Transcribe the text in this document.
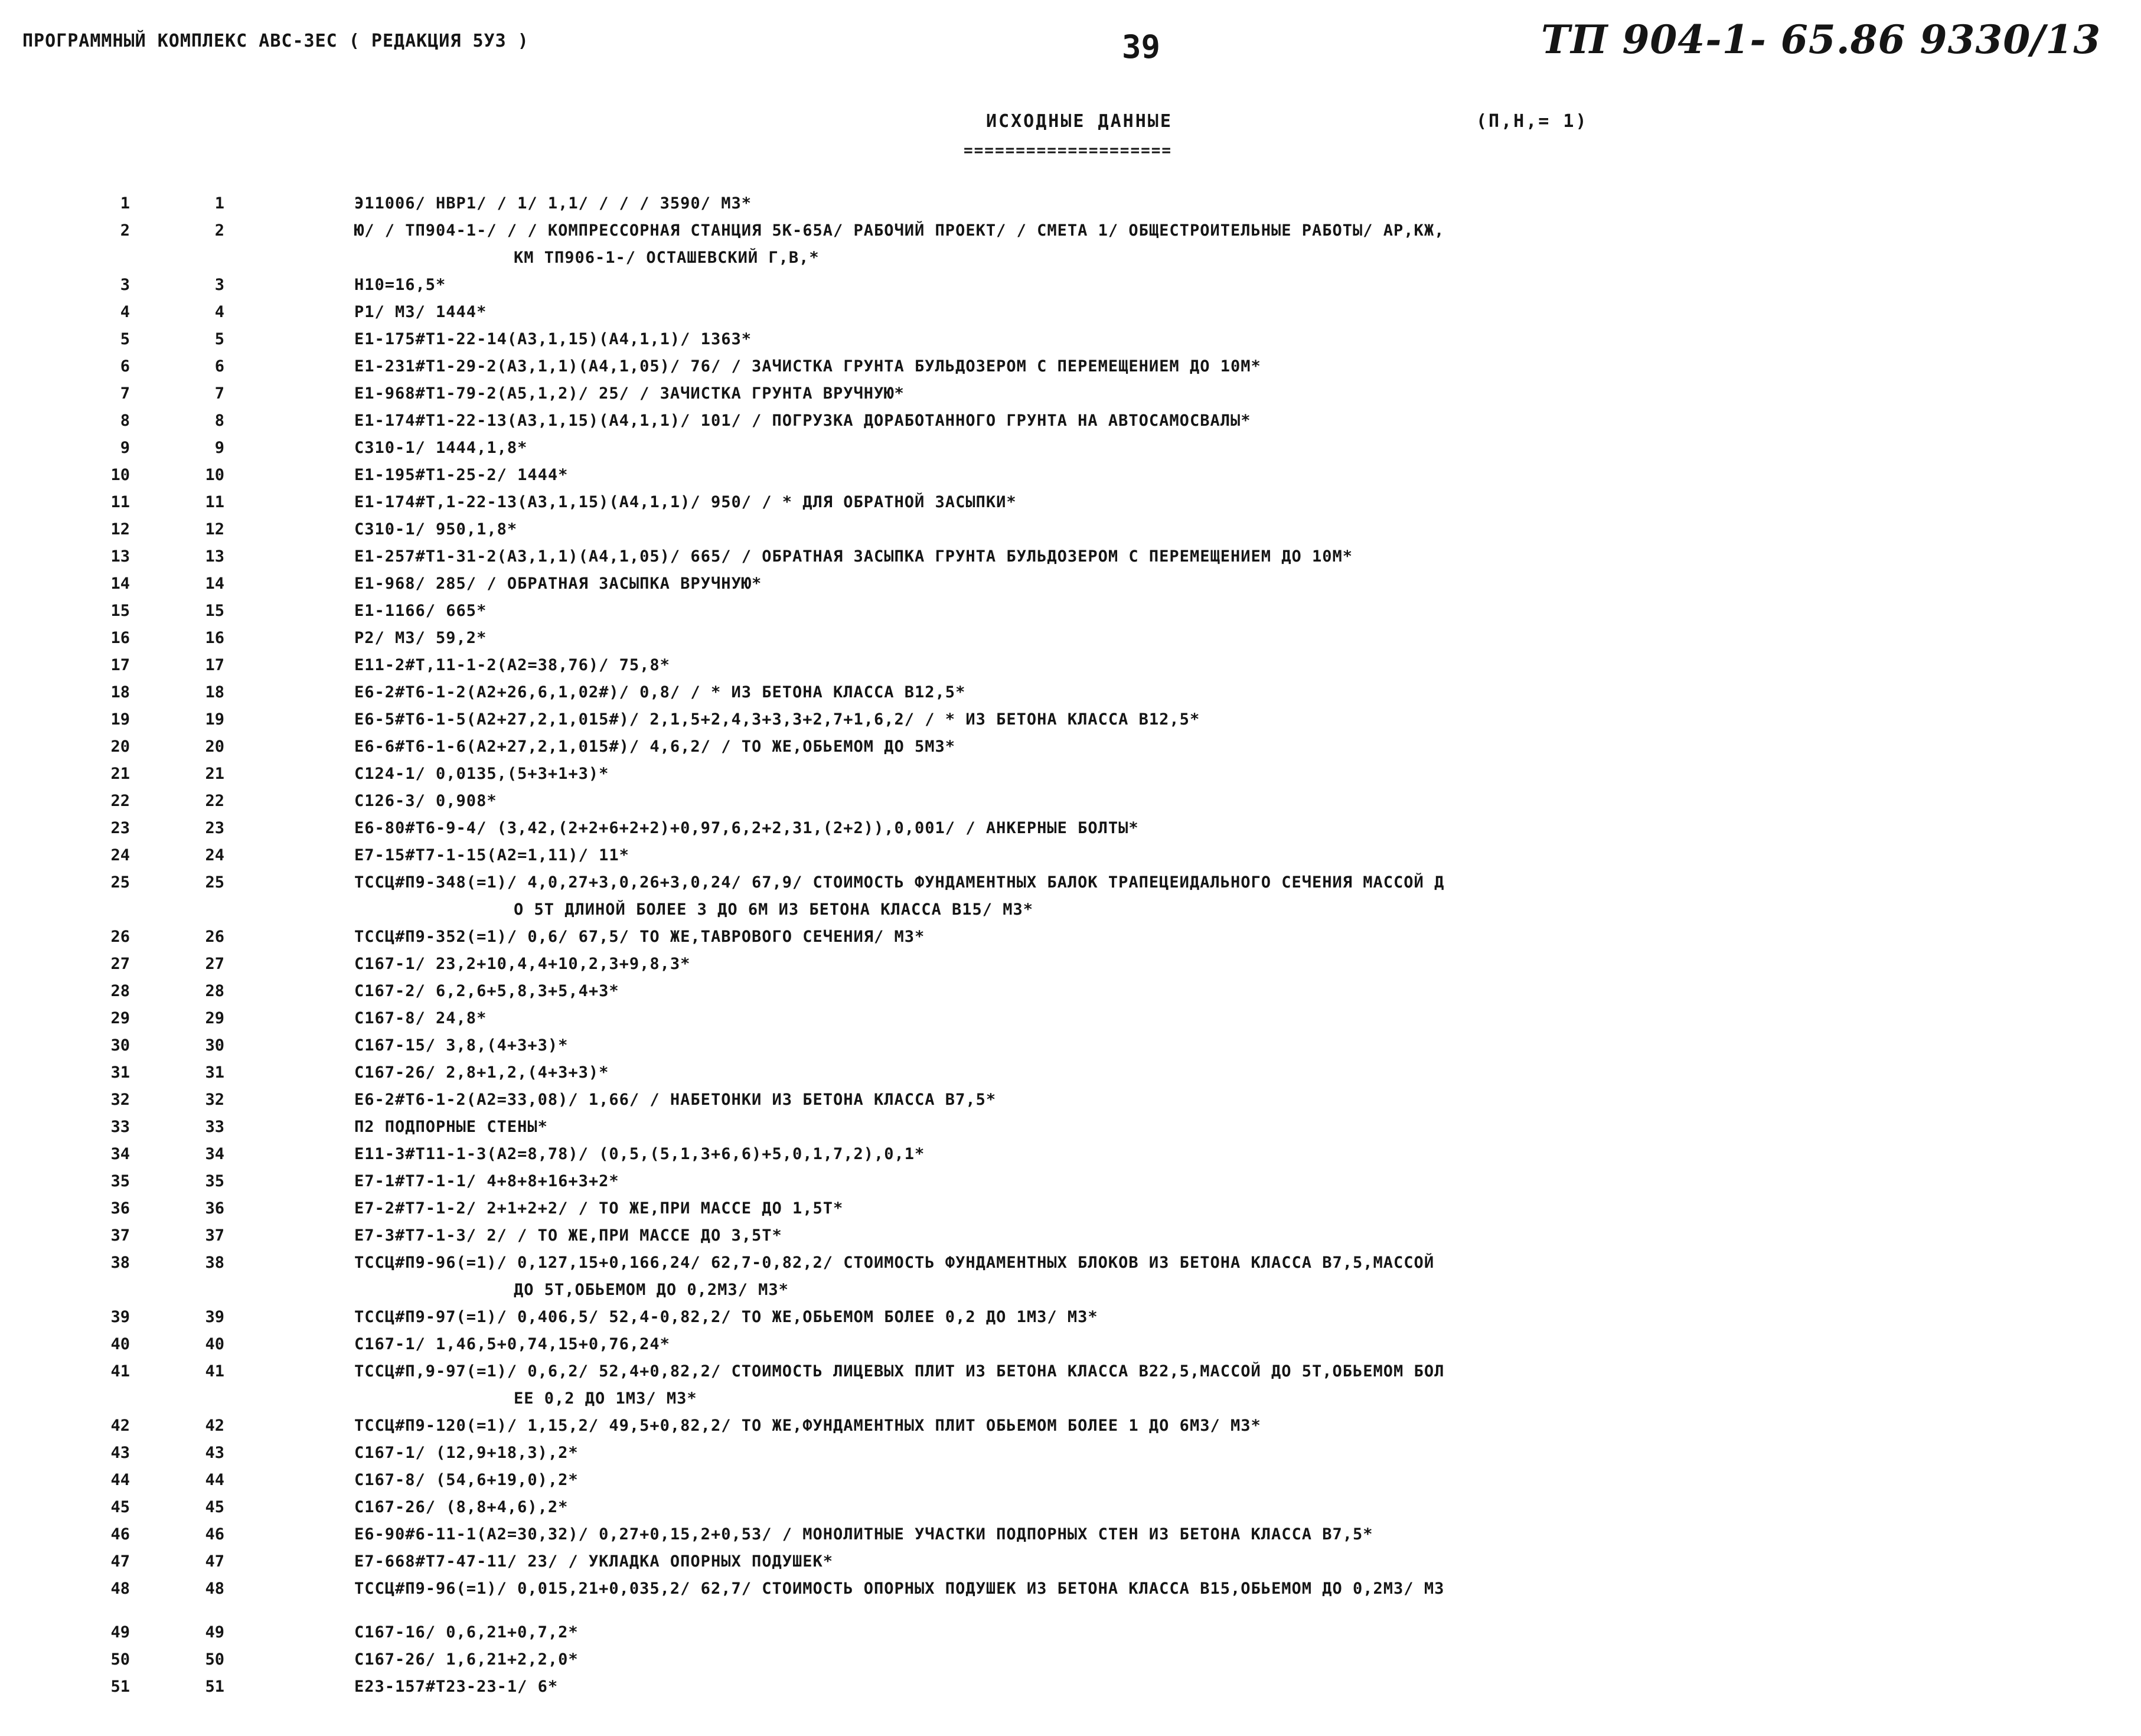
ПРОГРАММНЫЙ КОМПЛЕКС АВС-ЗЕС ( РЕДАКЦИЯ 5УЗ )	39	ТП 904-1- 65.86 9330/13
ИСХОДНЫЕ ДАННЫЕ
====================
(П,Н,= 1)
1	1	Э11006/ НВР1/ / 1/ 1,1/ / / / 3590/ М3*
2	2	Ю/ / ТП904-1-/ / / КОМПРЕССОРНАЯ СТАНЦИЯ 5К-65А/ РАБОЧИЙ ПРОЕКТ/ / СМЕТА 1/ ОБЩЕСТРОИТЕЛЬНЫЕ РАБОТЫ/ АР,КЖ,
КМ ТП906-1-/ ОСТАШЕВСКИЙ Г,В,*
3	3	Н10=16,5*
4	4	Р1/ М3/ 1444*
5	5	Е1-175#Т1-22-14(А3,1,15)(А4,1,1)/ 1363*
6	6	Е1-231#Т1-29-2(А3,1,1)(А4,1,05)/ 76/ / ЗАЧИСТКА ГРУНТА БУЛЬДОЗЕРОМ С ПЕРЕМЕЩЕНИЕМ ДО 10М*
7	7	Е1-968#Т1-79-2(А5,1,2)/ 25/ / ЗАЧИСТКА ГРУНТА ВРУЧНУЮ*
8	8	Е1-174#Т1-22-13(А3,1,15)(А4,1,1)/ 101/ / ПОГРУЗКА ДОРАБОТАННОГО ГРУНТА НА АВТОСАМОСВАЛЫ*
9	9	С310-1/ 1444,1,8*
10	10	Е1-195#Т1-25-2/ 1444*
11	11	Е1-174#Т,1-22-13(А3,1,15)(А4,1,1)/ 950/ / * ДЛЯ ОБРАТНОЙ ЗАСЫПКИ*
12	12	С310-1/ 950,1,8*
13	13	Е1-257#Т1-31-2(А3,1,1)(А4,1,05)/ 665/ / ОБРАТНАЯ ЗАСЫПКА ГРУНТА БУЛЬДОЗЕРОМ С ПЕРЕМЕЩЕНИЕМ ДО 10М*
14	14	Е1-968/ 285/ / ОБРАТНАЯ ЗАСЫПКА ВРУЧНУЮ*
15	15	Е1-1166/ 665*
16	16	Р2/ М3/ 59,2*
17	17	Е11-2#Т,11-1-2(А2=38,76)/ 75,8*
18	18	Е6-2#Т6-1-2(А2+26,6,1,02#)/ 0,8/ / * ИЗ БЕТОНА КЛАССА В12,5*
19	19	Е6-5#Т6-1-5(А2+27,2,1,015#)/ 2,1,5+2,4,3+3,3+2,7+1,6,2/ / * ИЗ БЕТОНА КЛАССА В12,5*
20	20	Е6-6#Т6-1-6(А2+27,2,1,015#)/ 4,6,2/ / ТО ЖЕ,ОБЬЕМОМ ДО 5М3*
21	21	С124-1/ 0,0135,(5+3+1+3)*
22	22	С126-3/ 0,908*
23	23	Е6-80#Т6-9-4/ (3,42,(2+2+6+2+2)+0,97,6,2+2,31,(2+2)),0,001/ / АНКЕРНЫЕ БОЛТЫ*
24	24	Е7-15#Т7-1-15(А2=1,11)/ 11*
25	25	ТССЦ#П9-348(=1)/ 4,0,27+3,0,26+3,0,24/ 67,9/ СТОИМОСТЬ ФУНДАМЕНТНЫХ БАЛОК ТРАПЕЦЕИДАЛЬНОГО СЕЧЕНИЯ МАССОЙ Д
О 5Т ДЛИНОЙ БОЛЕЕ 3 ДО 6М ИЗ БЕТОНА КЛАССА В15/ М3*
26	26	ТССЦ#П9-352(=1)/ 0,6/ 67,5/ ТО ЖЕ,ТАВРОВОГО СЕЧЕНИЯ/ М3*
27	27	С167-1/ 23,2+10,4,4+10,2,3+9,8,3*
28	28	С167-2/ 6,2,6+5,8,3+5,4+3*
29	29	С167-8/ 24,8*
30	30	С167-15/ 3,8,(4+3+3)*
31	31	С167-26/ 2,8+1,2,(4+3+3)*
32	32	Е6-2#Т6-1-2(А2=33,08)/ 1,66/ / НАБЕТОНКИ ИЗ БЕТОНА КЛАССА В7,5*
33	33	П2 ПОДПОРНЫЕ СТЕНЫ*
34	34	Е11-3#Т11-1-3(А2=8,78)/ (0,5,(5,1,3+6,6)+5,0,1,7,2),0,1*
35	35	Е7-1#Т7-1-1/ 4+8+8+16+3+2*
36	36	Е7-2#Т7-1-2/ 2+1+2+2/ / ТО ЖЕ,ПРИ МАССЕ ДО 1,5Т*
37	37	Е7-3#Т7-1-3/ 2/ / ТО ЖЕ,ПРИ МАССЕ ДО 3,5Т*
38	38	ТССЦ#П9-96(=1)/ 0,127,15+0,166,24/ 62,7-0,82,2/ СТОИМОСТЬ ФУНДАМЕНТНЫХ БЛОКОВ ИЗ БЕТОНА КЛАССА В7,5,МАССОЙ
ДО 5Т,ОБЬЕМОМ ДО 0,2М3/ М3*
39	39	ТССЦ#П9-97(=1)/ 0,406,5/ 52,4-0,82,2/ ТО ЖЕ,ОБЬЕМОМ БОЛЕЕ 0,2 ДО 1М3/ М3*
40	40	С167-1/ 1,46,5+0,74,15+0,76,24*
41	41	ТССЦ#П,9-97(=1)/ 0,6,2/ 52,4+0,82,2/ СТОИМОСТЬ ЛИЦЕВЫХ ПЛИТ ИЗ БЕТОНА КЛАССА В22,5,МАССОЙ ДО 5Т,ОБЬЕМОМ БОЛ
ЕЕ 0,2 ДО 1М3/ М3*
42	42	ТССЦ#П9-120(=1)/ 1,15,2/ 49,5+0,82,2/ ТО ЖЕ,ФУНДАМЕНТНЫХ ПЛИТ ОБЬЕМОМ БОЛЕЕ 1 ДО 6М3/ М3*
43	43	С167-1/ (12,9+18,3),2*
44	44	С167-8/ (54,6+19,0),2*
45	45	С167-26/ (8,8+4,6),2*
46	46	Е6-90#6-11-1(А2=30,32)/ 0,27+0,15,2+0,53/ / МОНОЛИТНЫЕ УЧАСТКИ ПОДПОРНЫХ СТЕН ИЗ БЕТОНА КЛАССА В7,5*
47	47	Е7-668#Т7-47-11/ 23/ / УКЛАДКА ОПОРНЫХ ПОДУШЕК*
48	48	ТССЦ#П9-96(=1)/ 0,015,21+0,035,2/ 62,7/ СТОИМОСТЬ ОПОРНЫХ ПОДУШЕК ИЗ БЕТОНА КЛАССА В15,ОБЬЕМОМ ДО 0,2М3/ М3
49	49	С167-16/ 0,6,21+0,7,2*
50	50	С167-26/ 1,6,21+2,2,0*
51	51	Е23-157#Т23-23-1/ 6*
